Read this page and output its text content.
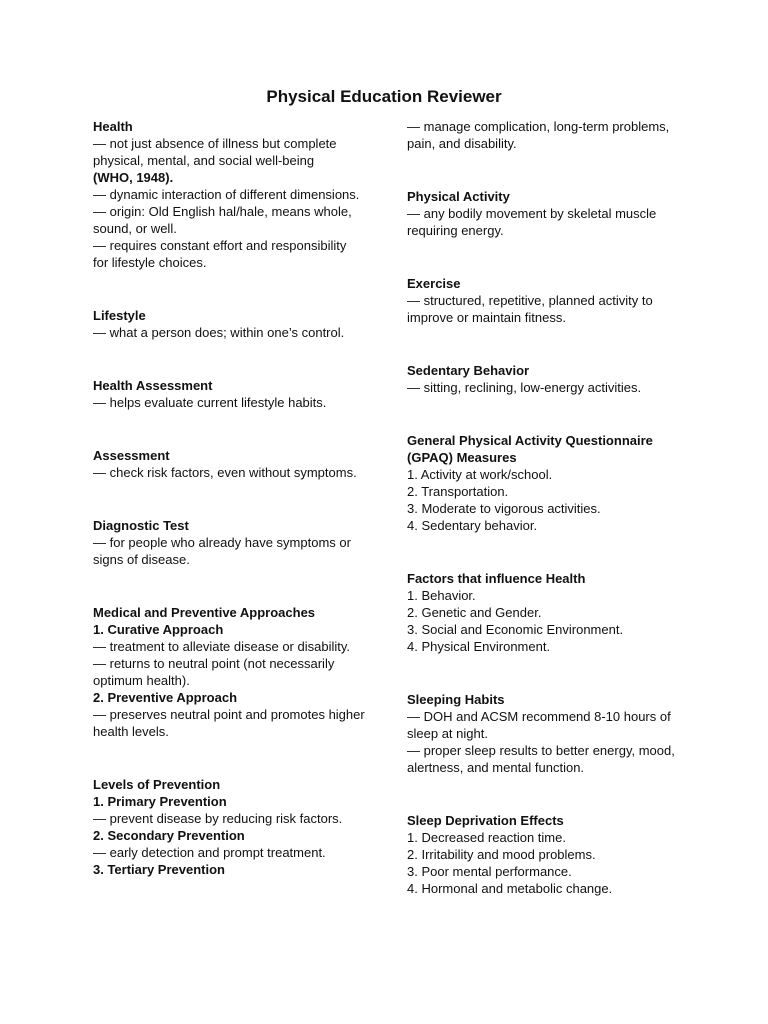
Physical Education Reviewer
Health
— not just absence of illness but complete physical, mental, and social well-being
(WHO, 1948).
— dynamic interaction of different dimensions.
— origin: Old English hal/hale, means whole, sound, or well.
— requires constant effort and responsibility for lifestyle choices.
Lifestyle
— what a person does; within one’s control.
Health Assessment
— helps evaluate current lifestyle habits.
Assessment
— check risk factors, even without symptoms.
Diagnostic Test
— for people who already have symptoms or signs of disease.
Medical and Preventive Approaches
1. Curative Approach
— treatment to alleviate disease or disability.
— returns to neutral point (not necessarily optimum health).
2. Preventive Approach
— preserves neutral point and promotes higher health levels.
Levels of Prevention
1. Primary Prevention
— prevent disease by reducing risk factors.
2. Secondary Prevention
— early detection and prompt treatment.
3. Tertiary Prevention
— manage complication, long-term problems, pain, and disability.
Physical Activity
— any bodily movement by skeletal muscle requiring energy.
Exercise
— structured, repetitive, planned activity to improve or maintain fitness.
Sedentary Behavior
— sitting, reclining, low-energy activities.
General Physical Activity Questionnaire (GPAQ) Measures
1. Activity at work/school.
2. Transportation.
3. Moderate to vigorous activities.
4. Sedentary behavior.
Factors that influence Health
1. Behavior.
2. Genetic and Gender.
3. Social and Economic Environment.
4. Physical Environment.
Sleeping Habits
— DOH and ACSM recommend 8-10 hours of sleep at night.
— proper sleep results to better energy, mood, alertness, and mental function.
Sleep Deprivation Effects
1. Decreased reaction time.
2. Irritability and mood problems.
3. Poor mental performance.
4. Hormonal and metabolic change.
